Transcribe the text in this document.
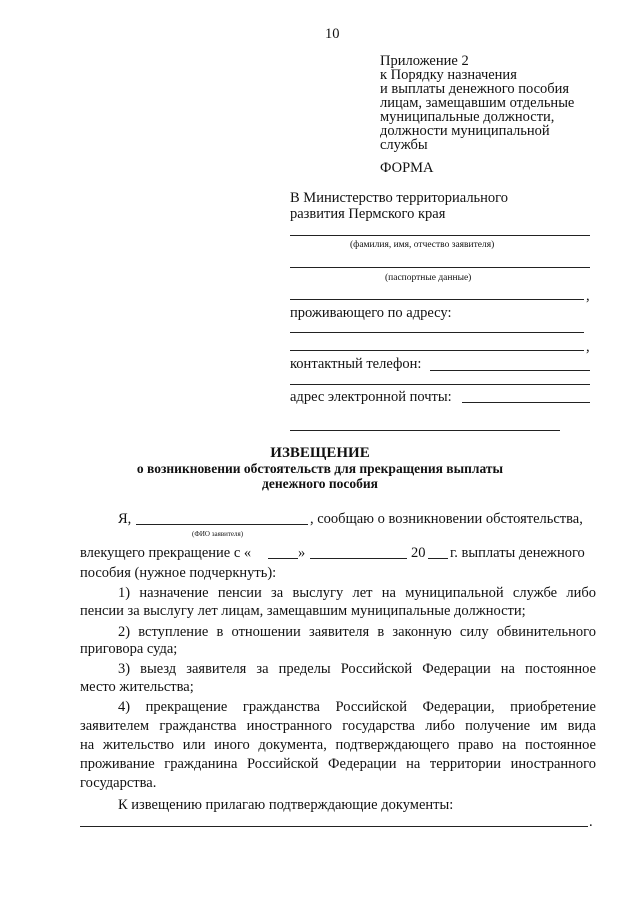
10
Приложение 2
к Порядку назначения
и выплаты денежного пособия
лицам, замещавшим отдельные
муниципальные должности,
должности муниципальной
службы
ФОРМА
В Министерство территориального
развития Пермского края
(фамилия, имя, отчество заявителя)
(паспортные данные)
,
проживающего по адресу:
,
контактный телефон:
адрес электронной почты:
ИЗВЕЩЕНИЕ
о возникновении обстоятельств для прекращения выплаты
денежного пособия
Я,	, сообщаю о возникновении обстоятельства,
(ФИО заявителя)
влекущего прекращение с «	»	20 г. выплаты денежного
пособия (нужное подчеркнуть):
1) назначение пенсии за выслугу лет на муниципальной службе либо
пенсии за выслугу лет лицам, замещавшим муниципальные должности;
2) вступление в отношении заявителя в законную силу обвинительного
приговора суда;
3) выезд заявителя за пределы Российской Федерации на постоянное
место жительства;
4) прекращение гражданства Российской Федерации, приобретение
заявителем гражданства иностранного государства либо получение им вида
на жительство или иного документа, подтверждающего право на постоянное
проживание гражданина Российской Федерации на территории иностранного
государства.
К извещению прилагаю подтверждающие документы:
.
